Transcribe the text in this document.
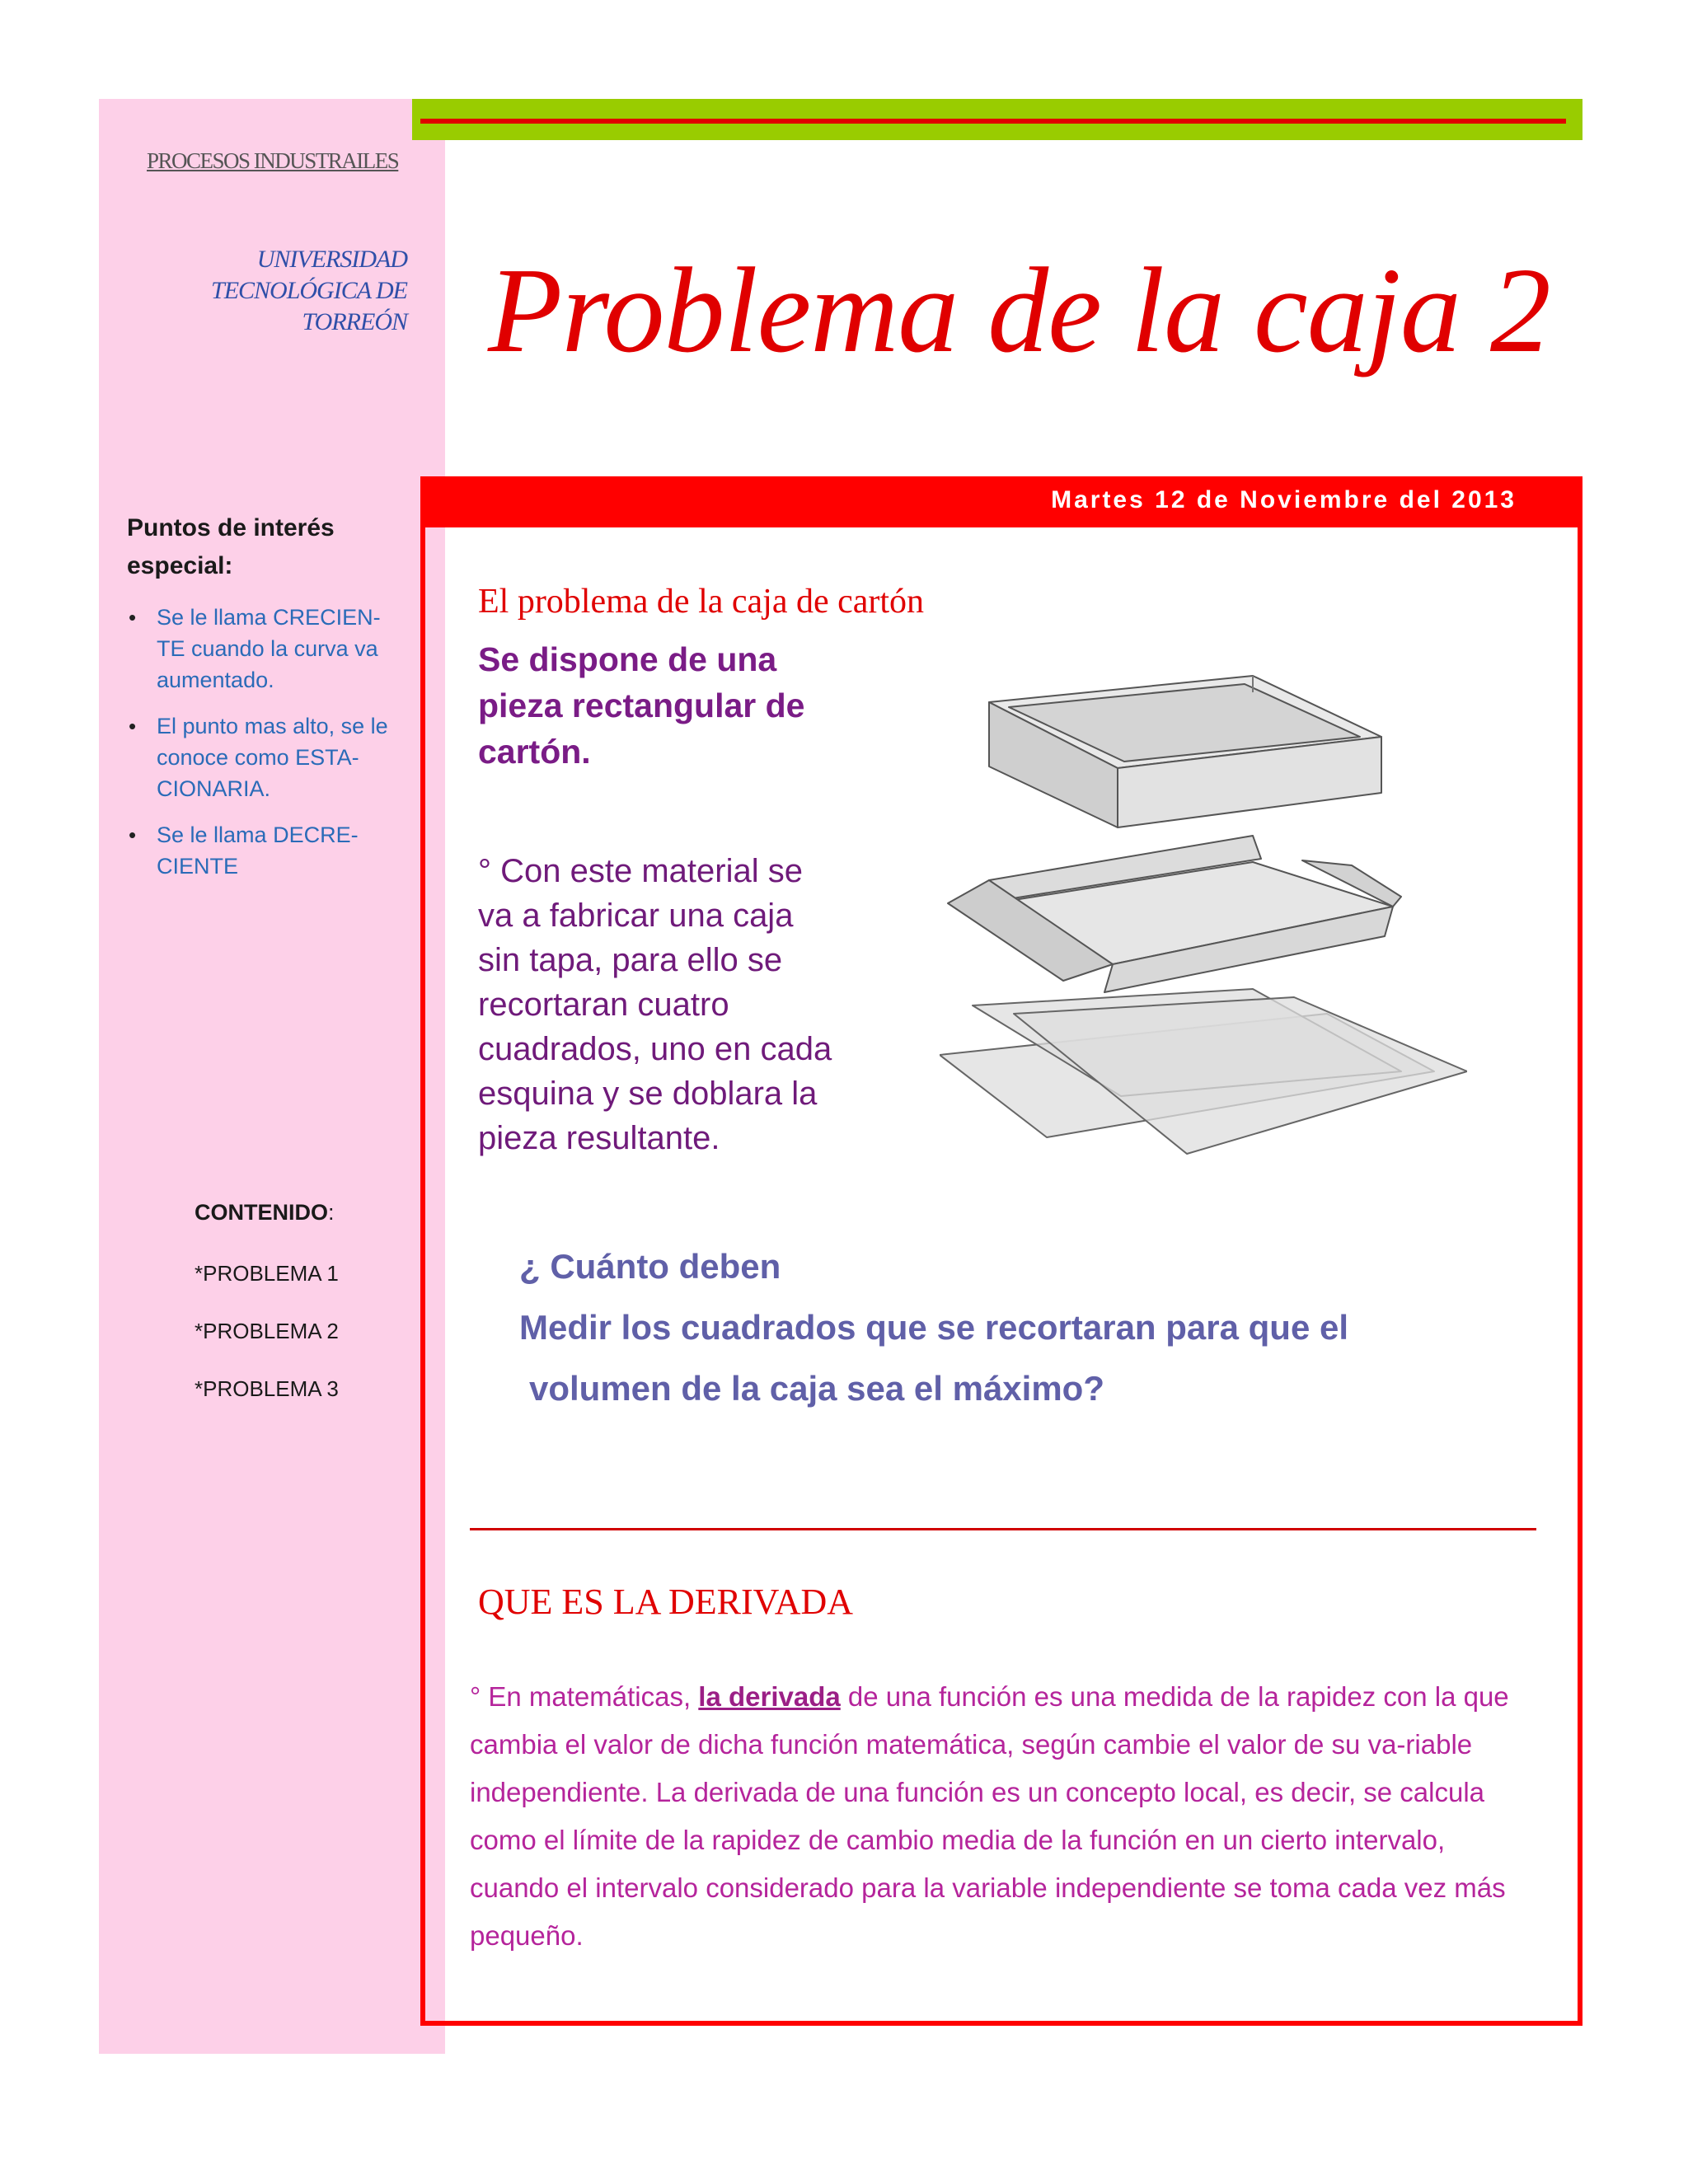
PROCESOS INDUSTRAILES
UNIVERSIDAD
TECNOLÓGICA DE
TORREÓN
Puntos de interés especial:
• Se le llama CRECIEN-TE cuando la curva va aumentado.
• El punto mas alto, se le conoce como ESTA-CIONARIA.
• Se le llama DECRE-CIENTE
CONTENIDO:
*PROBLEMA 1
*PROBLEMA 2
*PROBLEMA 3
Problema de la caja 2
Martes 12 de Noviembre del 2013
El problema de la caja de cartón
Se dispone de una pieza rectangular de cartón.
° Con este material se va a fabricar una caja sin tapa, para ello se recortaran cuatro cuadrados, uno en cada esquina y se doblara la pieza resultante.
¿ Cuánto deben
Medir los cuadrados que se recortaran para que el
volumen de la caja sea el máximo?
QUE ES LA DERIVADA
° En matemáticas, la derivada de una función es una medida de la rapidez con la que cambia el valor de dicha función matemática, según cambie el valor de su va-riable independiente. La derivada de una función es un concepto local, es decir, se calcula como el límite de la rapidez de cambio media de la función en un cierto intervalo, cuando el intervalo considerado para la variable independiente se toma cada vez más pequeño.
